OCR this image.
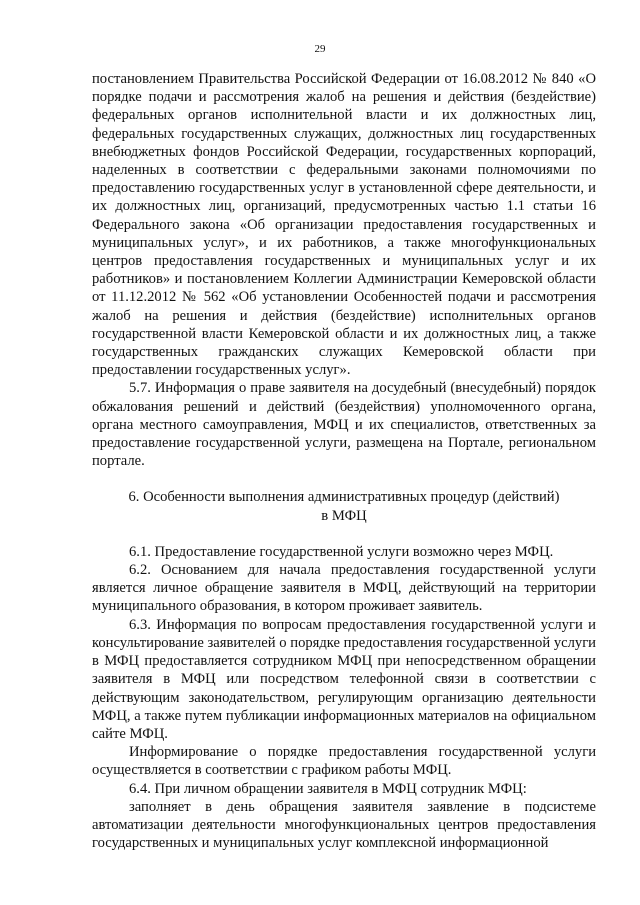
29

постановлением Правительства Российской Федерации от 16.08.2012 № 840 «О порядке подачи и рассмотрения жалоб на решения и действия (бездействие) федеральных органов исполнительной власти и их должностных лиц, федеральных государственных служащих, должностных лиц государственных внебюджетных фондов Российской Федерации, государственных корпораций, наделенных в соответствии с федеральными законами полномочиями по предоставлению государственных услуг в установленной сфере деятельности, и их должностных лиц, организаций, предусмотренных частью 1.1 статьи 16 Федерального закона «Об организации предоставления государственных и муниципальных услуг», и их работников, а также многофункциональных центров предоставления государственных и муниципальных услуг и их работников» и постановлением Коллегии Администрации Кемеровской области от 11.12.2012 № 562 «Об установлении Особенностей подачи и рассмотрения жалоб на решения и действия (бездействие) исполнительных органов государственной власти Кемеровской области и их должностных лиц, а также государственных гражданских служащих Кемеровской области при предоставлении государственных услуг».

5.7. Информация о праве заявителя на досудебный (внесудебный) порядок обжалования решений и действий (бездействия) уполномоченного органа, органа местного самоуправления, МФЦ и их специалистов, ответственных за предоставление государственной услуги, размещена на Портале, региональном портале.

6. Особенности выполнения административных процедур (действий)
в МФЦ

6.1. Предоставление государственной услуги возможно через МФЦ.

6.2. Основанием для начала предоставления государственной услуги является личное обращение заявителя в МФЦ, действующий на территории муниципального образования, в котором проживает заявитель.

6.3. Информация по вопросам предоставления государственной услуги и консультирование заявителей о порядке предоставления государственной услуги в МФЦ предоставляется сотрудником МФЦ при непосредственном обращении заявителя в МФЦ или посредством телефонной связи в соответствии с действующим законодательством, регулирующим организацию деятельности МФЦ, а также путем публикации информационных материалов на официальном сайте МФЦ.

Информирование о порядке предоставления государственной услуги осуществляется в соответствии с графиком работы МФЦ.

6.4. При личном обращении заявителя в МФЦ сотрудник МФЦ:

заполняет в день обращения заявителя заявление в подсистеме автоматизации деятельности многофункциональных центров предоставления государственных и муниципальных услуг комплексной информационной
